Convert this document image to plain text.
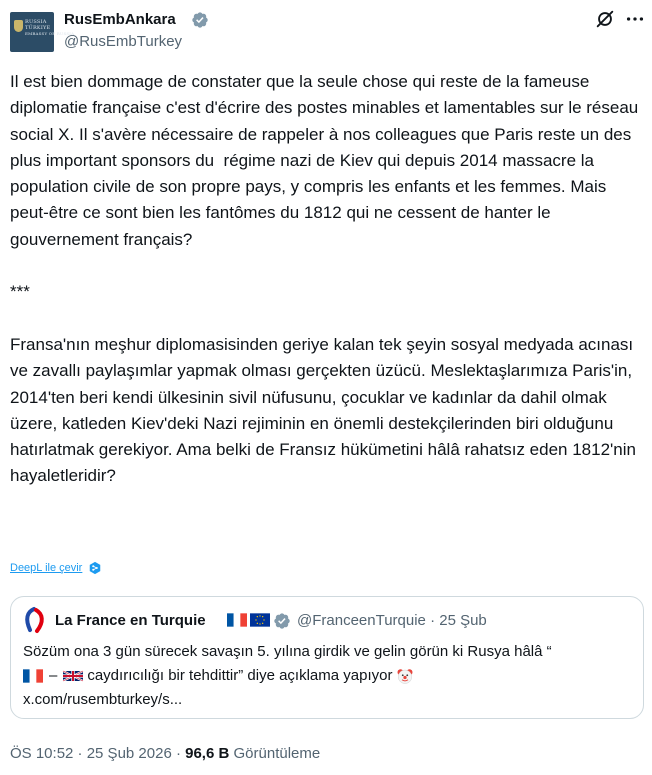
RUSSIA
TÜRKIYE
EMBASSY OF RUSSIA
RusEmbAnkara
@RusEmbTurkey

Il est bien dommage de constater que la seule chose qui reste de la fameuse diplomatie française c'est d'écrire des postes minables et lamentables sur le réseau social X. Il s'avère nécessaire de rappeler à nos colleagues que Paris reste un des plus important sponsors du  régime nazi de Kiev qui depuis 2014 massacre la population civile de son propre pays, y compris les enfants et les femmes. Mais peut-être ce sont bien les fantômes du 1812 qui ne cessent de hanter le gouvernement français?

***

Fransa'nın meşhur diplomasisinden geriye kalan tek şeyin sosyal medyada acınası ve zavallı paylaşımlar yapmak olması gerçekten üzücü. Meslektaşlarımıza Paris'in, 2014'ten beri kendi ülkesinin sivil nüfusunu, çocuklar ve kadınlar da dahil olmak üzere, katleden Kiev'deki Nazi rejiminin en önemli destekçilerinden biri olduğunu hatırlatmak gerekiyor. Ama belki de Fransız hükümetini hâlâ rahatsız eden 1812'nin hayaletleridir?

DeepL ile çevir
La France en Turquie	@FranceenTurquie · 25 Şub
Sözüm ona 3 gün sürecek savaşın 5. yılına girdik ve gelin görün ki Rusya hâlâ “
– caydırıcılığı bir tehdittir” diye açıklama yapıyor
x.com/rusembturkey/s...
ÖS 10:52 · 25 Şub 2026 · 96,6 B Görüntüleme
